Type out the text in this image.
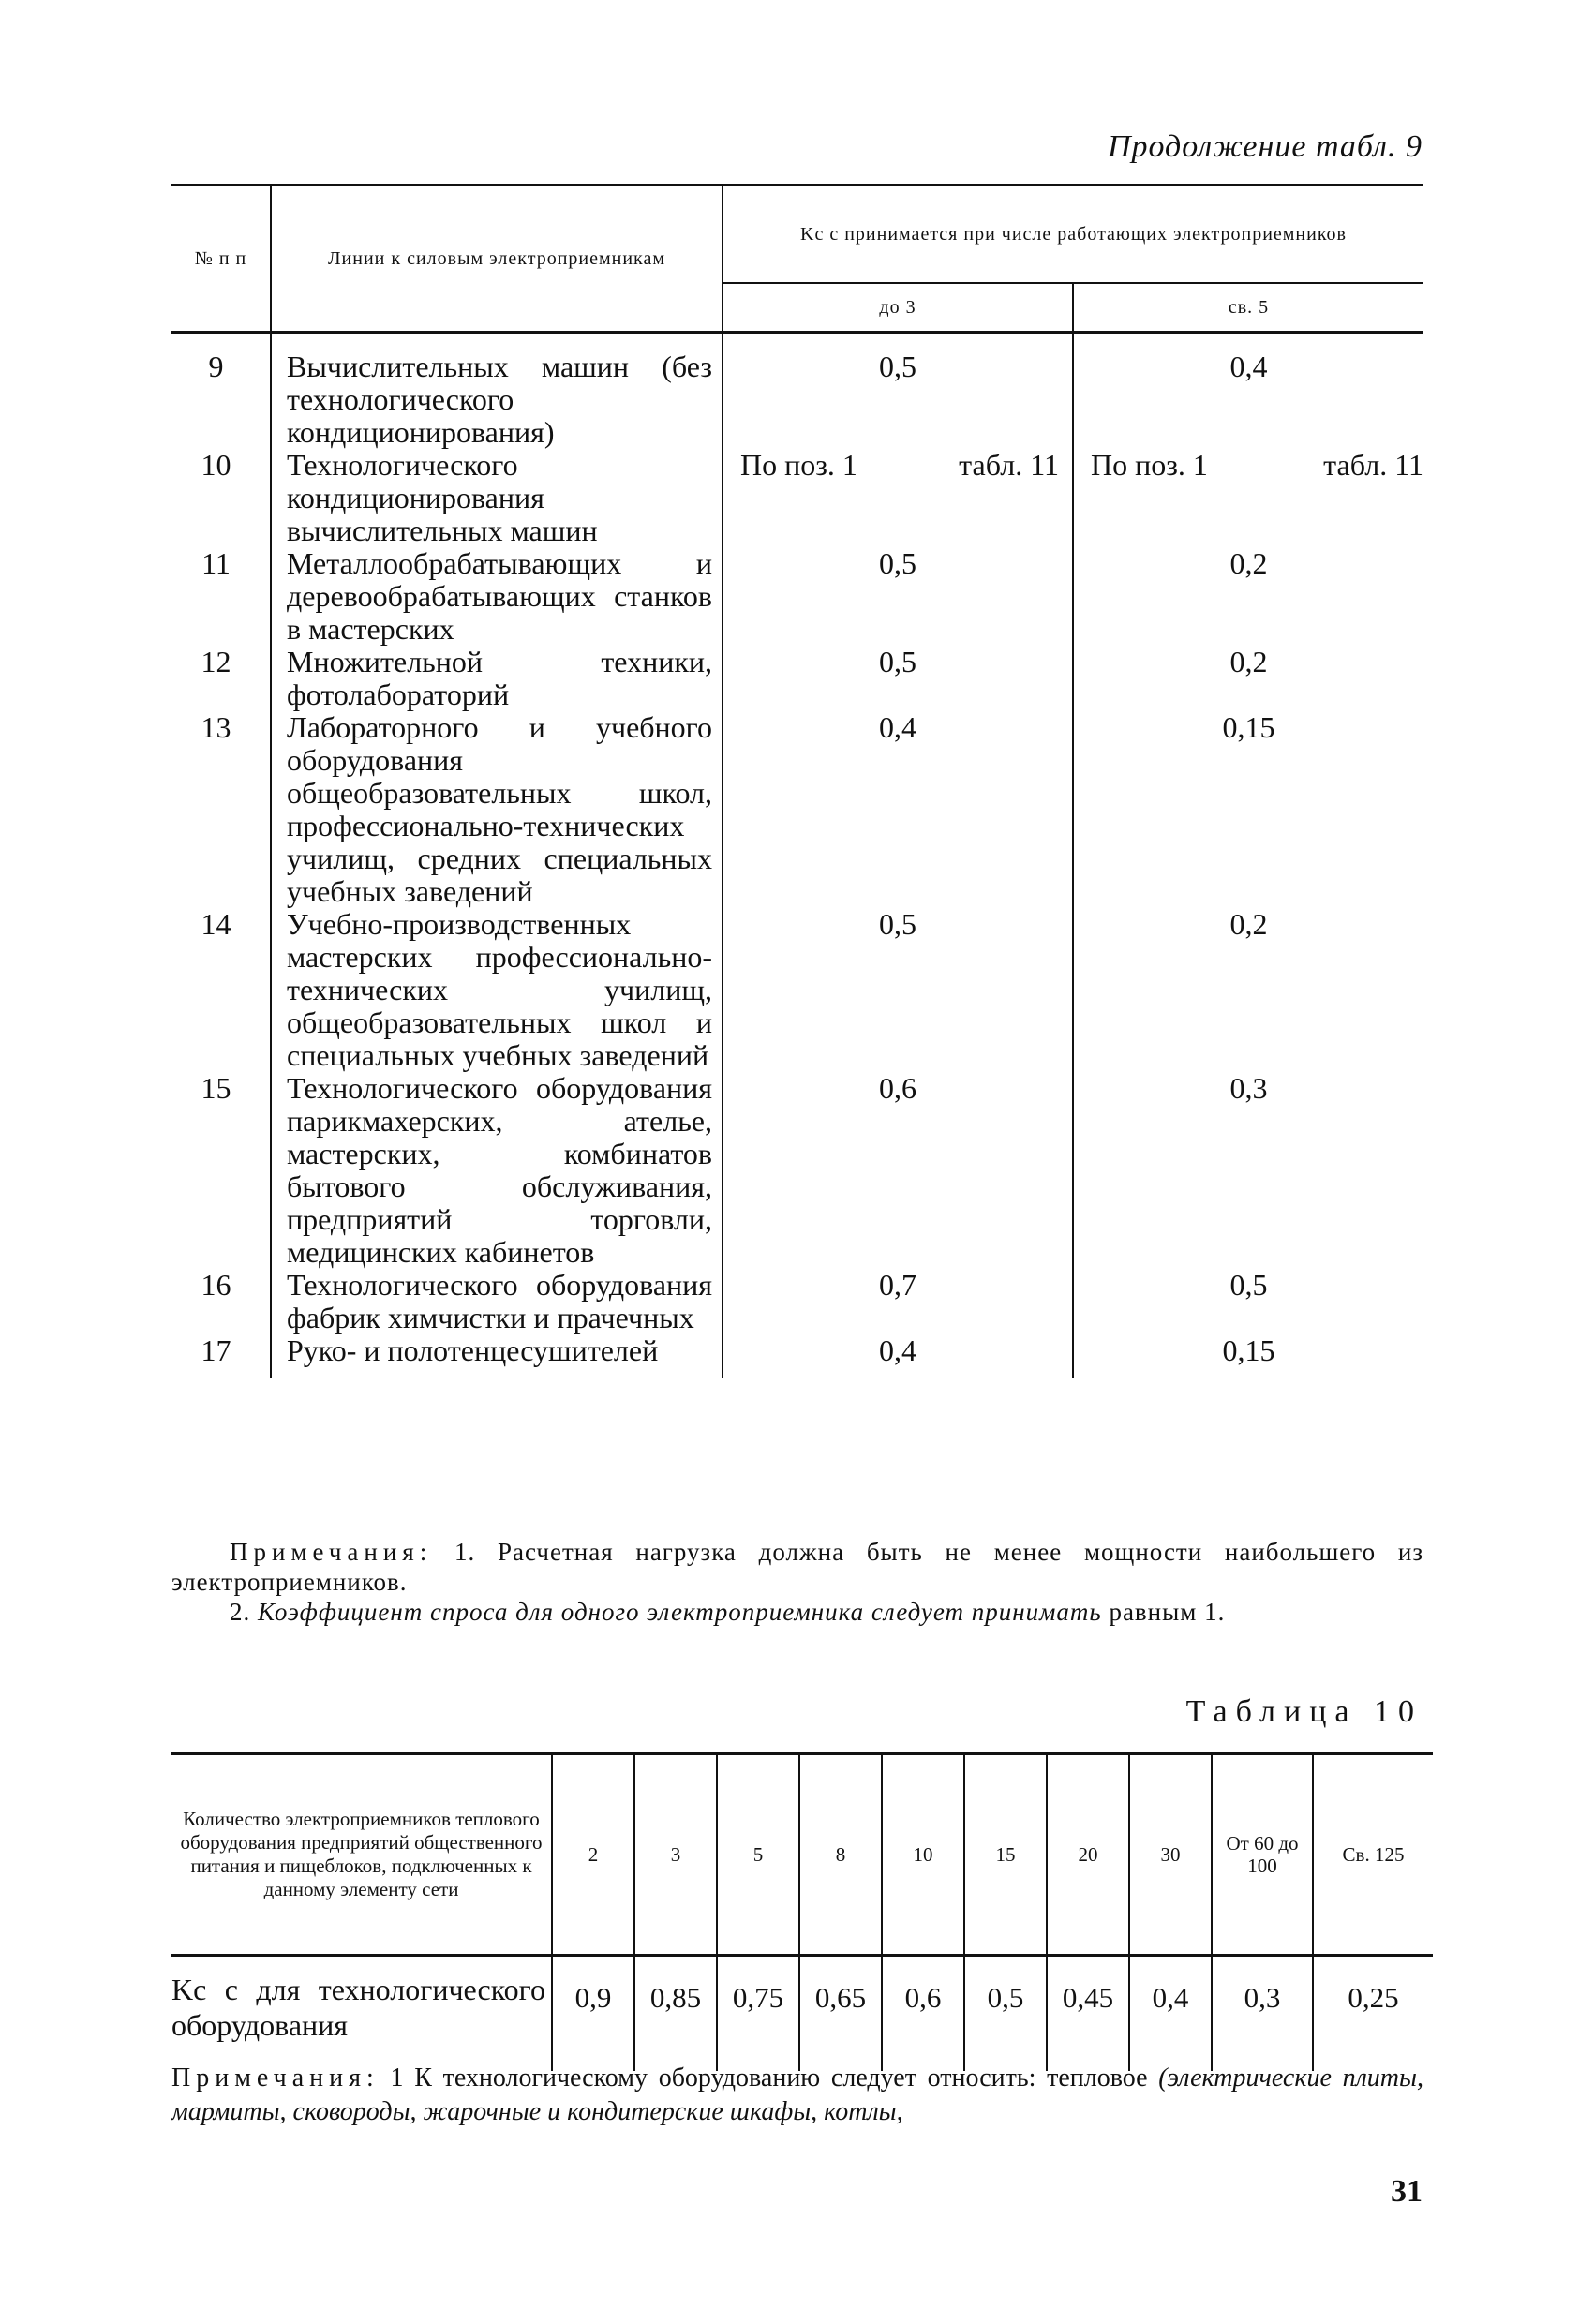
Продолжение табл. 9
№ п п	Линии к силовым электроприемникам	Kс с принимается при числе работающих электроприемников	
		до 3	св. 5
9	Вычислительных машин (без технологического кондиционирования)	0,5	0,4
10	Технологического кондиционирования вычислительных машин	По поз. 1 табл. 11	По поз. 1 табл. 11

11	Металлообрабатывающих и деревообрабатывающих станков в мастерских	0,5	0,2
12	Множительной техники, фотолабораторий	0,5	0,2
13	Лабораторного и учебного оборудования общеобразовательных школ, профессионально-технических училищ, средних специальных учебных заведений	0,4	0,15
14	Учебно-производственных мастерских профессионально-технических училищ, общеобразовательных школ и специальных учебных заведений	0,5	0,2
15	Технологического оборудования парикмахерских, ателье, мастерских, комбинатов бытового обслуживания, предприятий торговли, медицинских кабинетов	0,6	0,3
16	Технологического оборудования фабрик химчистки и прачечных	0,7	0,5
17	Руко- и полотенцесушителей	0,4	0,15

Примечания: 1. Расчетная нагрузка должна быть не менее мощности наибольшего из электроприемников.

2. Коэффициент спроса для одного электроприемника следует принимать равным 1.

Таблица 10
Количество электроприемников теплового оборудования предприятий общественного питания и пищеблоков, подключенных к данному элементу сети	2	3	5	8	10	15	20	30	От 60 до 100	Св. 125
Kс с для технологического оборудования	0,9	0,85	0,75	0,65	0,6	0,5	0,45	0,4	0,3	0,25
Примечания: 1 К технологическому оборудованию следует относить: тепловое (электрические плиты, мармиты, сковороды, жарочные и кондитерские шкафы, котлы,
31
